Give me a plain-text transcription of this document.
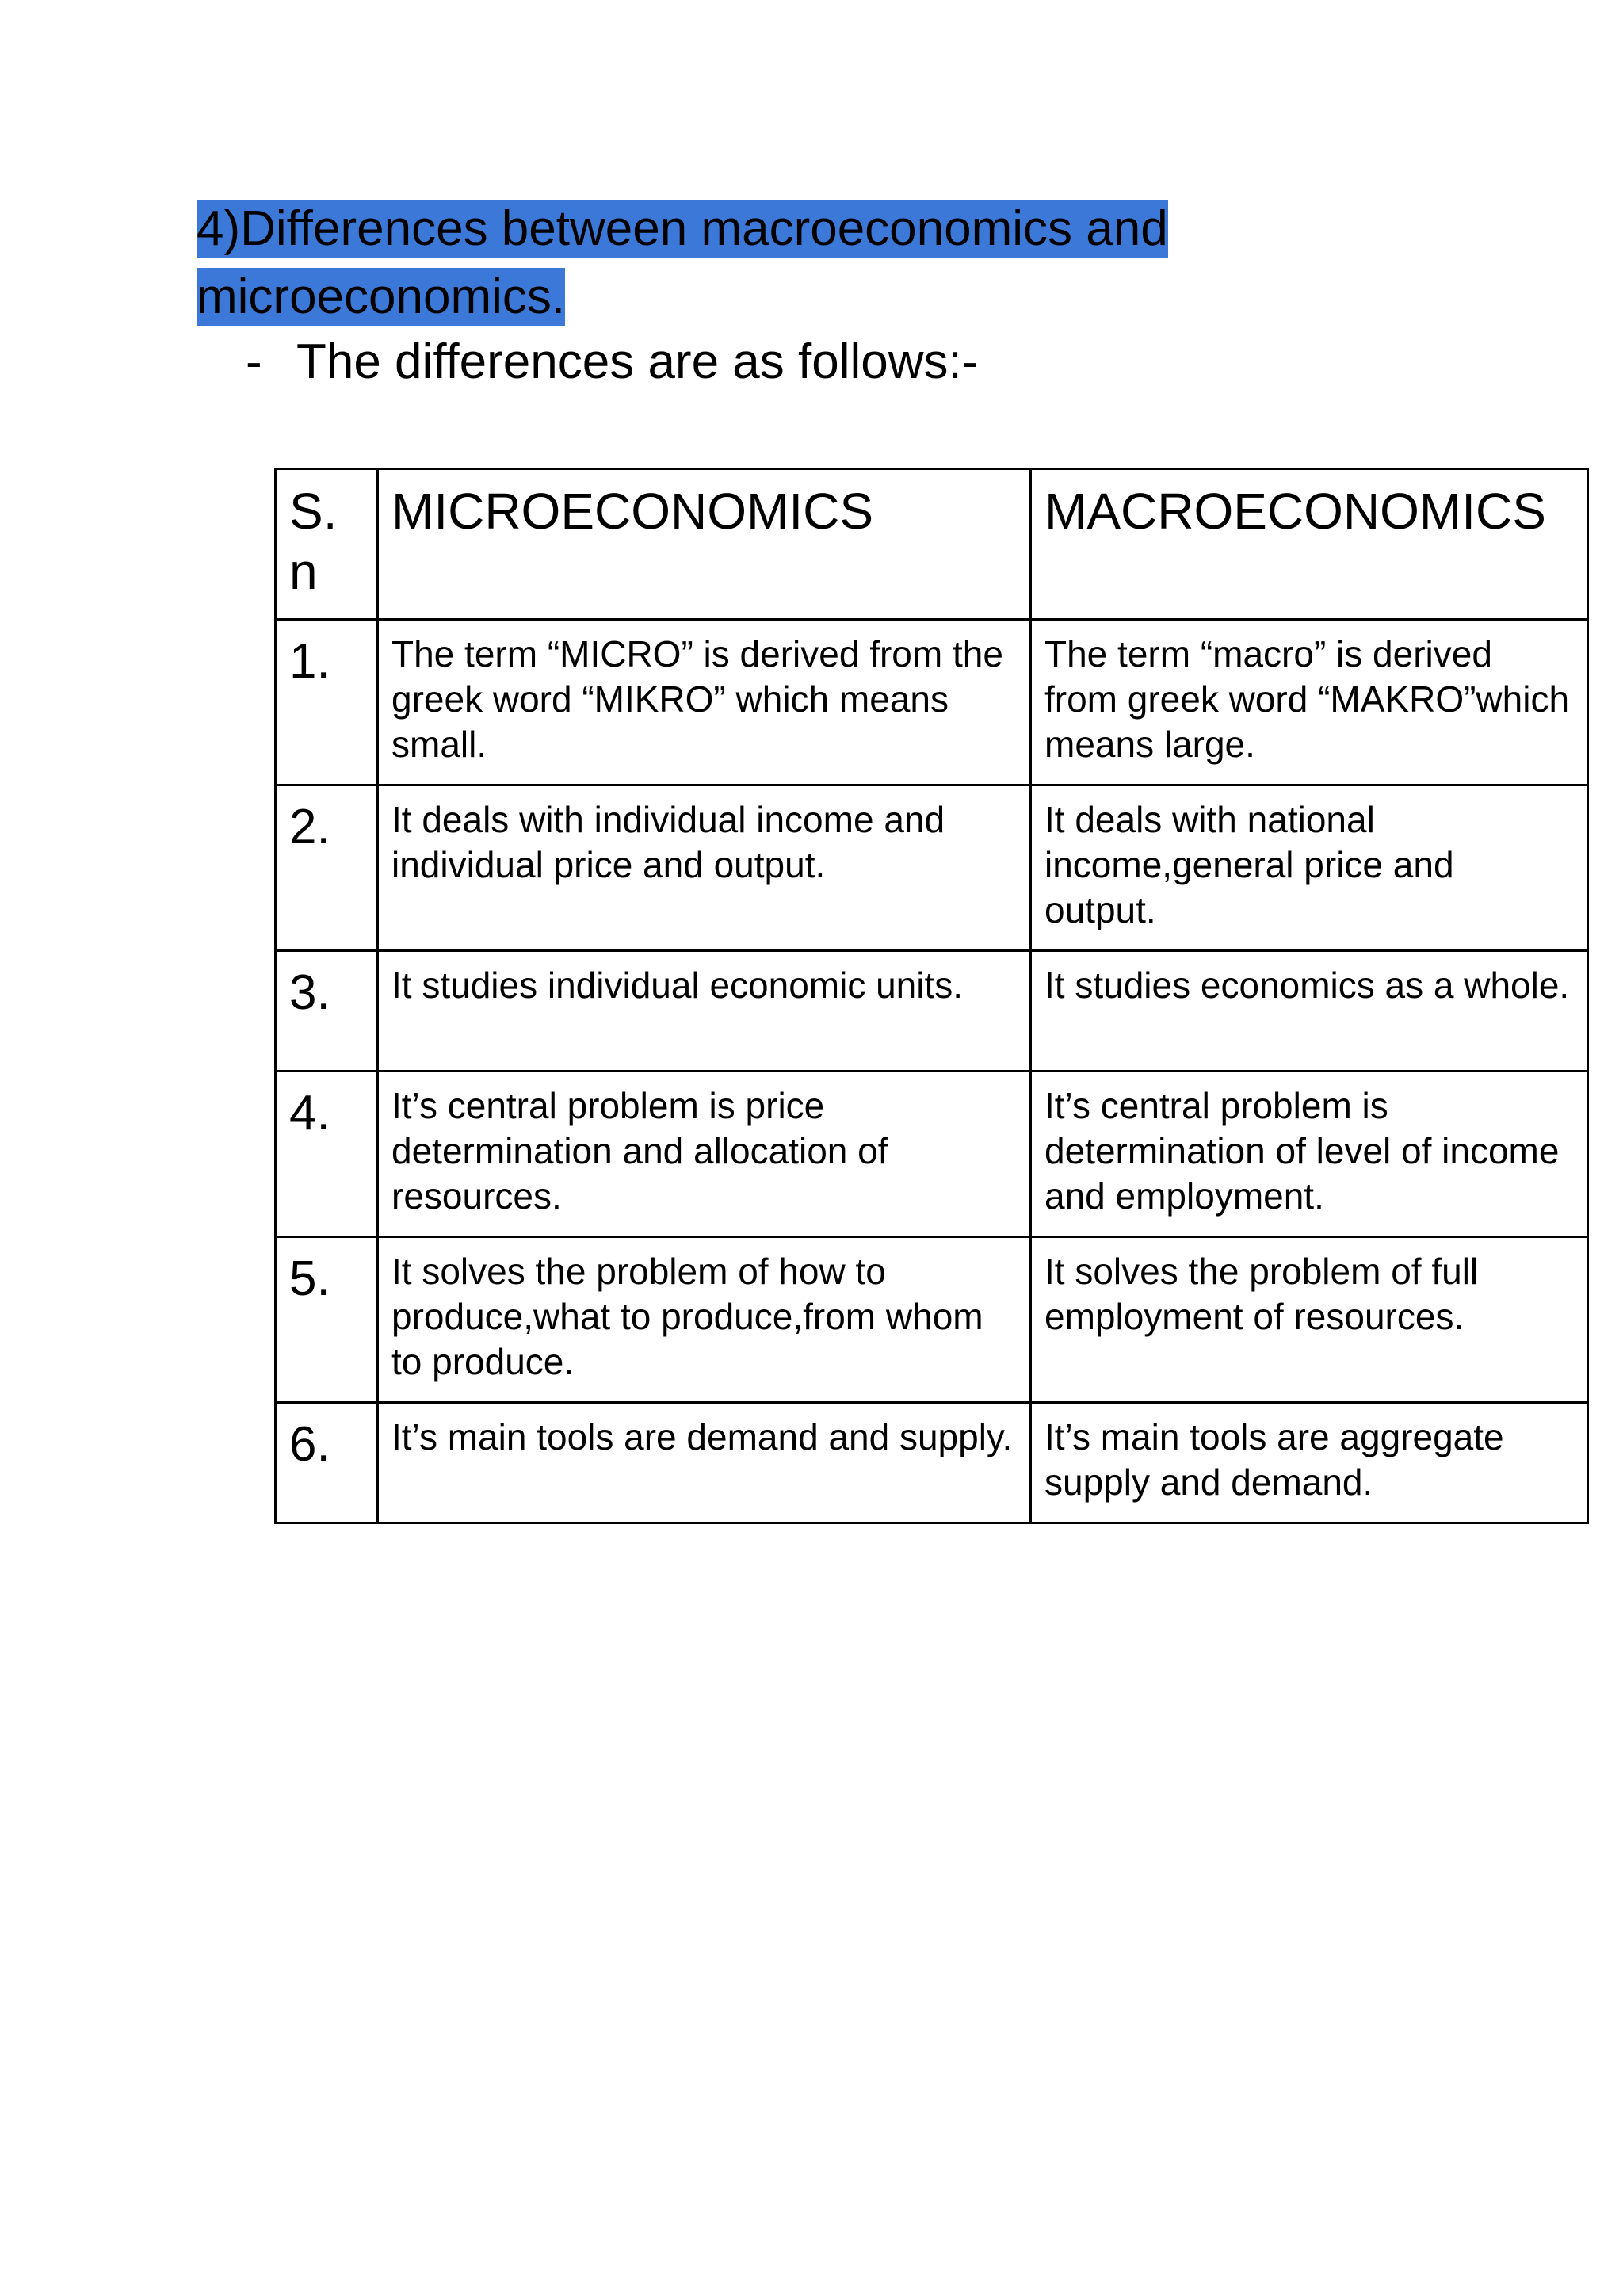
4)Differences between macroeconomics and
microeconomics.
- The differences are as follows:-
S.
n	MICROECONOMICS	MACROECONOMICS
1.	The term “MICRO” is derived from the greek word “MIKRO” which means small.	The term “macro” is derived from greek word “MAKRO”which means large.
2.	It deals with individual income and individual price and output.	It deals with national income,general price and output.
3.	It studies individual economic units.	It studies economics as a whole.
4.	It’s central problem is price determination and allocation of resources.	It’s central problem is determination of level of income and employment.
5.	It solves the problem of how to produce,what to produce,from whom to produce.	It solves the problem of full employment of resources.
6.	It’s main tools are demand and supply.	It’s main tools are aggregate supply and demand.
